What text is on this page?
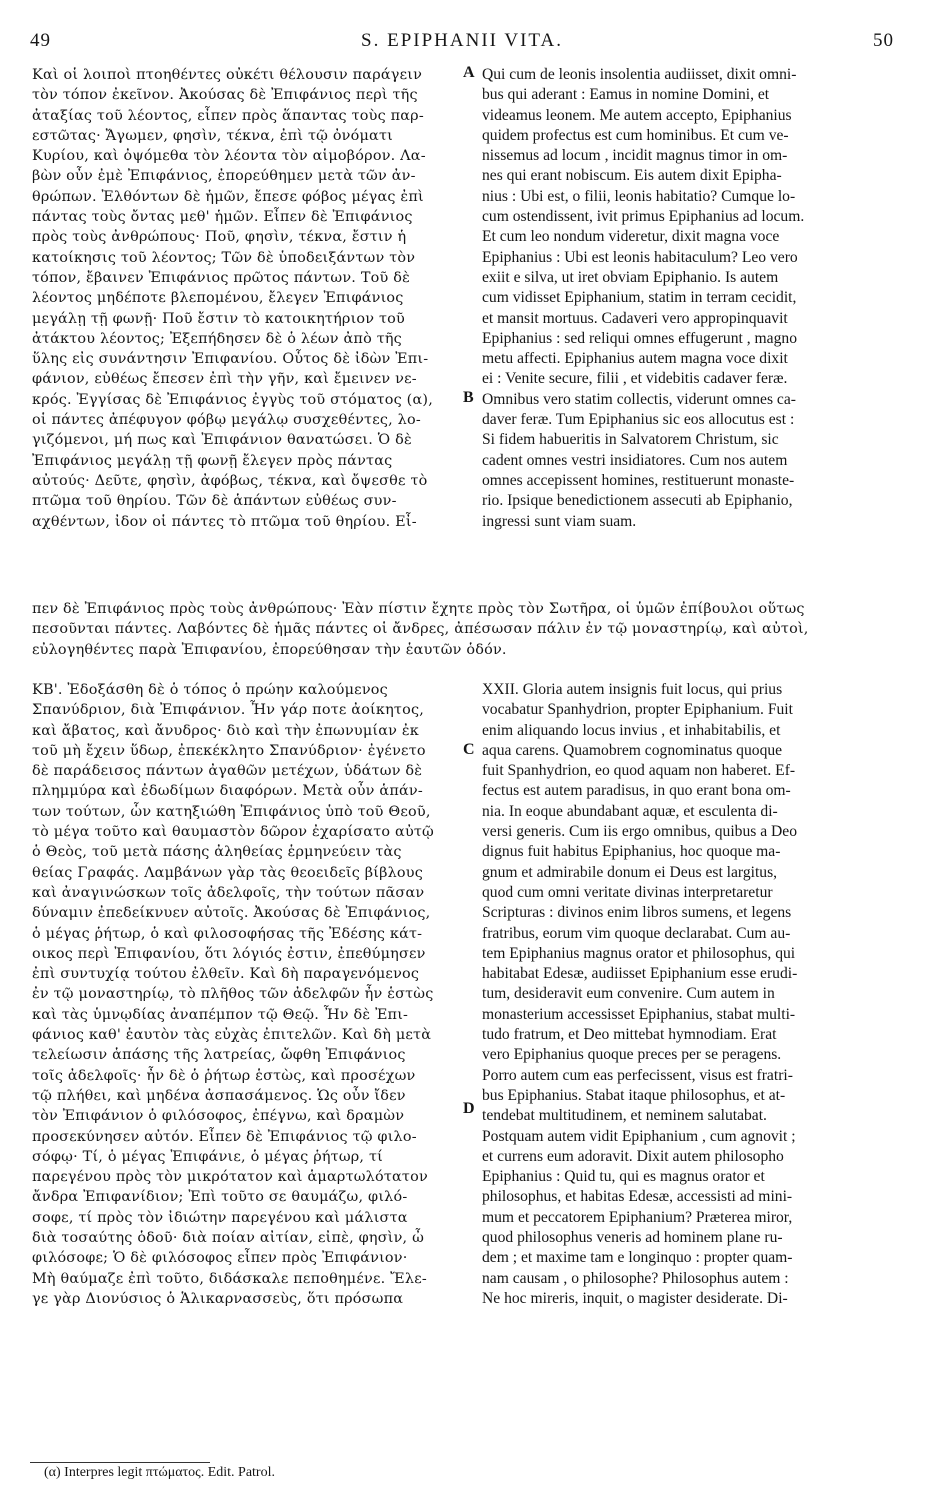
49	S. EPIPHANII VITA.	50
Καὶ οἱ λοιποὶ πτοηθέντες οὐκέτι θέλουσιν παράγειν
τὸν τόπον ἐκεῖνον. Ἀκούσας δὲ Ἐπιφάνιος περὶ τῆς
ἀταξίας τοῦ λέοντος, εἶπεν πρὸς ἅπαντας τοὺς παρ-
εστῶτας· Ἄγωμεν, φησὶν, τέκνα, ἐπὶ τῷ ὀνόματι
Κυρίου, καὶ ὀψόμεθα τὸν λέοντα τὸν αἱμοβόρον. Λα-
βὼν οὖν ἐμὲ Ἐπιφάνιος, ἐπορεύθημεν μετὰ τῶν ἀν-
θρώπων. Ἐλθόντων δὲ ἡμῶν, ἔπεσε φόβος μέγας ἐπὶ
πάντας τοὺς ὄντας μεθ' ἡμῶν. Εἶπεν δὲ Ἐπιφάνιος
πρὸς τοὺς ἀνθρώπους· Ποῦ, φησὶν, τέκνα, ἔστιν ἡ
κατοίκησις τοῦ λέοντος; Τῶν δὲ ὑποδειξάντων τὸν
τόπον, ἔβαινεν Ἐπιφάνιος πρῶτος πάντων. Τοῦ δὲ
λέοντος μηδέποτε βλεπομένου, ἔλεγεν Ἐπιφάνιος
μεγάλῃ τῇ φωνῇ· Ποῦ ἔστιν τὸ κατοικητήριον τοῦ
ἀτάκτου λέοντος; Ἐξεπήδησεν δὲ ὁ λέων ἀπὸ τῆς
ὕλης εἰς συνάντησιν Ἐπιφανίου. Οὗτος δὲ ἰδὼν Ἐπι-
φάνιον, εὐθέως ἔπεσεν ἐπὶ τὴν γῆν, καὶ ἔμεινεν νε-
κρός. Ἐγγίσας δὲ Ἐπιφάνιος ἐγγὺς τοῦ στόματος (α),
οἱ πάντες ἀπέφυγον φόβῳ μεγάλῳ συσχεθέντες, λο-
γιζόμενοι, μή πως καὶ Ἐπιφάνιον θανατώσει. Ὁ δὲ
Ἐπιφάνιος μεγάλῃ τῇ φωνῇ ἔλεγεν πρὸς πάντας
αὐτούς· Δεῦτε, φησὶν, ἀφόβως, τέκνα, καὶ ὄψεσθε τὸ
πτῶμα τοῦ θηρίου. Τῶν δὲ ἁπάντων εὐθέως συν-
αχθέντων, ἰδον οἱ πάντες τὸ πτῶμα τοῦ θηρίου. Εἶ-
Qui cum de leonis insolentia audiisset, dixit omni-
bus qui aderant : Eamus in nomine Domini, et
videamus leonem. Me autem accepto, Epiphanius
quidem profectus est cum hominibus. Et cum ve-
nissemus ad locum , incidit magnus timor in om-
nes qui erant nobiscum. Eis autem dixit Epipha-
nius : Ubi est, o filii, leonis habitatio? Cumque lo-
cum ostendissent, ivit primus Epiphanius ad locum.
Et cum leo nondum videretur, dixit magna voce
Epiphanius : Ubi est leonis habitaculum? Leo vero
exiit e silva, ut iret obviam Epiphanio. Is autem
cum vidisset Epiphanium, statim in terram cecidit,
et mansit mortuus. Cadaveri vero appropinquavit
Epiphanius : sed reliqui omnes effugerunt , magno
metu affecti. Epiphanius autem magna voce dixit
ei : Venite secure, filii , et videbitis cadaver feræ.
Omnibus vero statim collectis, viderunt omnes ca-
daver feræ. Tum Epiphanius sic eos allocutus est :
Si fidem habueritis in Salvatorem Christum, sic
cadent omnes vestri insidiatores. Cum nos autem
omnes accepissent homines, restituerunt monaste-
rio. Ipsique benedictionem assecuti ab Epiphanio,
ingressi sunt viam suam.
πεν δὲ Ἐπιφάνιος πρὸς τοὺς ἀνθρώπους· Ἐὰν πίστιν ἔχητε πρὸς τὸν Σωτῆρα, οἱ ὑμῶν ἐπίβουλοι οὕτως
πεσοῦνται πάντες. Λαβόντες δὲ ἡμᾶς πάντες οἱ ἄνδρες, ἀπέσωσαν πάλιν ἐν τῷ μοναστηρίῳ, καὶ αὐτοὶ,
εὐλογηθέντες παρὰ Ἐπιφανίου, ἐπορεύθησαν τὴν ἑαυτῶν ὁδόν.
ΚΒ'. Ἐδοξάσθη δὲ ὁ τόπος ὁ πρώην καλούμενος
Σπανύδριον, διὰ Ἐπιφάνιον. Ἦν γάρ ποτε ἀοίκητος,
καὶ ἄβατος, καὶ ἄνυδρος· διὸ καὶ τὴν ἐπωνυμίαν ἐκ
τοῦ μὴ ἔχειν ὕδωρ, ἐπεκέκλητο Σπανύδριον· ἐγένετο
δὲ παράδεισος πάντων ἀγαθῶν μετέχων, ὑδάτων δὲ
πλημμύρα καὶ ἐδωδίμων διαφόρων. Μετὰ οὖν ἁπάν-
των τούτων, ὧν κατηξιώθη Ἐπιφάνιος ὑπὸ τοῦ Θεοῦ,
τὸ μέγα τοῦτο καὶ θαυμαστὸν δῶρον ἐχαρίσατο αὐτῷ
ὁ Θεὸς, τοῦ μετὰ πάσης ἀληθείας ἑρμηνεύειν τὰς
θείας Γραφάς. Λαμβάνων γὰρ τὰς θεοειδεῖς βίβλους
καὶ ἀναγινώσκων τοῖς ἀδελφοῖς, τὴν τούτων πᾶσαν
δύναμιν ἐπεδείκνυεν αὐτοῖς. Ἀκούσας δὲ Ἐπιφάνιος,
ὁ μέγας ῥήτωρ, ὁ καὶ φιλοσοφήσας τῆς Ἐδέσης κάτ-
οικος περὶ Ἐπιφανίου, ὅτι λόγιός ἐστιν, ἐπεθύμησεν
ἐπὶ συντυχίᾳ τούτου ἐλθεῖν. Καὶ δὴ παραγενόμενος
ἐν τῷ μοναστηρίῳ, τὸ πλῆθος τῶν ἀδελφῶν ἦν ἑστὼς
καὶ τὰς ὑμνῳδίας ἀναπέμπον τῷ Θεῷ. Ἦν δὲ Ἐπι-
φάνιος καθ' ἑαυτὸν τὰς εὐχὰς ἐπιτελῶν. Καὶ δὴ μετὰ
τελείωσιν ἁπάσης τῆς λατρείας, ὤφθη Ἐπιφάνιος
τοῖς ἀδελφοῖς· ἦν δὲ ὁ ῥήτωρ ἑστὼς, καὶ προσέχων
τῷ πλήθει, καὶ μηδένα ἀσπασάμενος. Ὡς οὖν ἴδεν
τὸν Ἐπιφάνιον ὁ φιλόσοφος, ἐπέγνω, καὶ δραμὼν
προσεκύνησεν αὐτόν. Εἶπεν δὲ Ἐπιφάνιος τῷ φιλο-
σόφῳ· Τί, ὁ μέγας Ἐπιφάνιε, ὁ μέγας ῥήτωρ, τί
παρεγένου πρὸς τὸν μικρότατον καὶ ἁμαρτωλότατον
ἄνδρα Ἐπιφανίδιον; Ἐπὶ τοῦτο σε θαυμάζω, φιλό-
σοφε, τί πρὸς τὸν ἰδιώτην παρεγένου καὶ μάλιστα
διὰ τοσαύτης ὁδοῦ· διὰ ποίαν αἰτίαν, εἰπὲ, φησὶν, ὦ
φιλόσοφε; Ὁ δὲ φιλόσοφος εἶπεν πρὸς Ἐπιφάνιον·
Μὴ θαύμαζε ἐπὶ τοῦτο, διδάσκαλε πεποθημένε. Ἔλε-
γε γὰρ Διονύσιος ὁ Ἁλικαρνασσεὺς, ὅτι πρόσωπα
XXII. Gloria autem insignis fuit locus, qui prius
vocabatur Spanhydrion, propter Epiphanium. Fuit
enim aliquando locus invius , et inhabitabilis, et
aqua carens. Quamobrem cognominatus quoque
fuit Spanhydrion, eo quod aquam non haberet. Ef-
fectus est autem paradisus, in quo erant bona om-
nia. In eoque abundabant aquæ, et esculenta di-
versi generis. Cum iis ergo omnibus, quibus a Deo
dignus fuit habitus Epiphanius, hoc quoque ma-
gnum et admirabile donum ei Deus est largitus,
quod cum omni veritate divinas interpretaretur
Scripturas : divinos enim libros sumens, et legens
fratribus, eorum vim quoque declarabat. Cum au-
tem Epiphanius magnus orator et philosophus, qui
habitabat Edesæ, audiisset Epiphanium esse erudi-
tum, desideravit eum convenire. Cum autem in
monasterium accessisset Epiphanius, stabat multi-
tudo fratrum, et Deo mittebat hymnodiam. Erat
vero Epiphanius quoque preces per se peragens.
Porro autem cum eas perfecissent, visus est fratri-
bus Epiphanius. Stabat itaque philosophus, et at-
tendebat multitudinem, et neminem salutabat.
Postquam autem vidit Epiphanium , cum agnovit ;
et currens eum adoravit. Dixit autem philosopho
Epiphanius : Quid tu, qui es magnus orator et
philosophus, et habitas Edesæ, accessisti ad mini-
mum et peccatorem Epiphanium? Præterea miror,
quod philosophus veneris ad hominem plane ru-
dem ; et maxime tam e longinquo : propter quam-
nam causam , o philosophe? Philosophus autem :
Ne hoc mireris, inquit, o magister desiderate. Di-
A
B
C
D
(α) Interpres legit πτώματος. Edit. Patrol.
